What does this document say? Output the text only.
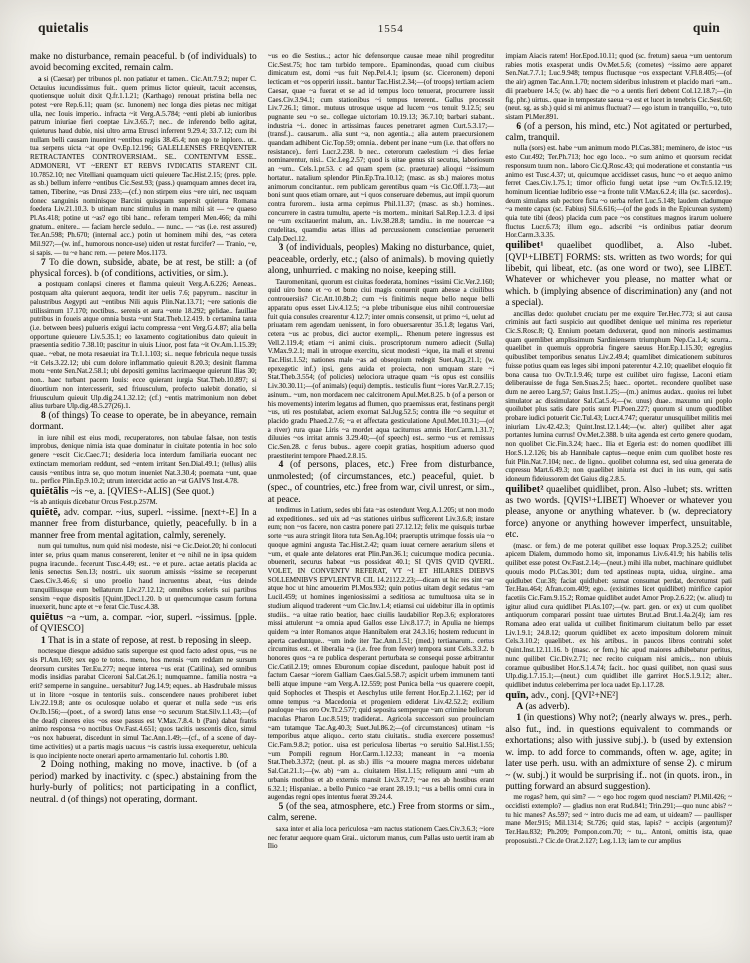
quietalis	1554	quin

make no disturbance, remain peaceful. b (of individuals) to avoid becoming excited, remain calm.

a si (Caesar) per tribunos pl. non patiatur et tamen.. Cic.Att.7.9.2; nuper C. Octauius iucundissimus fuit.. quem primus lictor quieuit, tacuit accensus, quotiensque uoluit dixit Q.fr.1.1.21; (Karthago) renouat pristina bella nec potest ~ere Rep.6.11; quam (sc. Iunonem) nec longa dies pietas nec mitigat ulla, nec Iouis imperio.. infracta ~it Verg.A.5.784; ~enti plebi ab iunioribus patrum iniuriae fieri coeptae Liv.3.65.7; nec.. de inferendo bello agitat, quieturus haud dubie, nisi ultro arma Etrusci inferrent 9.29.4; 33.7.12; cum ibi nullam belli causam inueniret ~entibus regiis 38.45.4; non ego te inploro.. ut.. tua serpens uicta ~at ope Ov.Ep.12.196; GALELLENSES FREQVENTER RETRACTANTES CONTROVERSIAM.. SE.. CONTENTVM ESSE.. ADMONERI, VT ~ERENT ET REBVS IVDICATIS STARENT CIL 10.7852.10; nec Vitelliani quamquam uicti quieuere Tac.Hist.2.15; (pres. pple. as sb.) bellum inferre ~entibus Cic.Sest.93; (pass.) quamquam amnes decet ira, tamen, Tiberine, ~as Drusi 233;—(cf.) non stirpem eius ~ere uiri, nec usquam donec sanguinis nominisque Barcini quisquam supersit quietura Romana foedera Liv.21.10.3. b utinam nunc stimulus in manu mihi sit — ~e quaeso Pl.As.418; potine ut ~as? ego tibi hanc.. referam temperi Men.466; da mihi gnatum.. enitere.. — faciam hercle sedulo.. — nunc.. — ~as (i.e. rest assured) Ter.An.598; Ph.670; (internal acc.) potin ut hominem mihi des, ~as cetera Mil.927;—(w. inf., humorous nonce-use) uiden ut restat furcifer? — Tranio, ~e, si sapis. — tu ~e hanc rem. — petere Mos.1173.

7 To die down, subside, abate, be at rest, be still: a (of physical forces). b (of conditions, activities, or sim.).

a postquam conlapsi cineres et flamma quieuit Verg.A.6.226; Aeneas.. postquam alta quierunt aequora, tendit iter uelis 7.6; papyrum.. nascitur in palustribus Aegypti aut ~entibus Nili aquis Plin.Nat.13.71; ~ere sationis die utilissimum 17.170; noctibus.. serenis et aura ~ente 18.292; gelidae.. fauillae putribus in foueis atque omnia busta ~unt Stat.Theb.12.419. b certamina tanta (i.e. between bees) pulueris exigui iactu compressa ~ent Verg.G.4.87; alia bella opportune quieuere Liv.5.35.1; eo laxamento cogitationibus dato quieuit in praesentia seditio 7.38.10; pascitur in uiuis Liuor, post fata ~it Ov.Am.1.15.39; quae.. ~ebat, ne mota resaeuiat ira Tr.1.1.103; si.. neque febricula neque tussis ~it Cels.3.22.12; ubi cum dolore inflammatio quieuit 8.20.3; desinit flamma motu ~ente Sen.Nat.2.58.1; ubi depositi gemitus lacrimaeque quierunt Ilias 30; non.. haec turbant pacem Iouis: ecce quierant iurgia Stat.Theb.10.897; si diuortium non intercesserit, sed friuusculum, profecto ualebit donatio, si friuusculum quieuit Ulp.dig.24.1.32.12; (cf.) ~entis matrimonium non debet alius turbare Ulp.dig.48.5.27(26).1.

8 (of things) To cease to operate, be in abeyance, remain dormant.

in iure nihil est eius modi, recuperatores, non tabulae falsae, non testis improbus, denique nimia ista quae dominatur in ciuitate potentia in hoc solo genere ~escit Cic.Caec.71; desideria loca interdum familiaria euocant nec extinctam memoriam reddunt, sed ~entem irritant Sen.Dial.49.1; (tellus) aliis causis ~entibus intra se, quo motum inueniet Nat.3.30.4; poemata ~unt, quae tu.. perfice Plin.Ep.9.10.2; utrum intercidat actio an ~at GAIVS Inst.4.78.

quiētālis ~is ~e, a. [QVIES+-ALIS] (See quot.)

~is ab antiquis dicebatur Orcus Fest.p.257M.

quiētē, adv. compar. ~ius, superl. ~issime. [next+-E] In a manner free from disturbance, quietly, peacefully. b in a manner free from mental agitation, calmly, serenely.

num qui tumultus, num quid nisi modeste, nisi ~e Cic.Deiot.20; hi conlocuti inter se, prius quam manus consererent, leniter et ~e nihil ne in ipsa quidem pugna iracunde.. fecerunt Tusc.4.49; est.. ~e et pure.. actae aetatis placida ac lenis senectus Sen.13; nostri.. uix suorum amissis ~issime se receperunt Caes.Civ.3.46.6; si uno proelio haud incruentus abeat, ~ius deinde tranquilliusque eum bellaturum Liv.27.12.12; omnibus sceleris sui partibus sensim ~eque dispositis [Quint.]Decl.1.20. b ut quemcumque casum fortuna inuexerit, hunc apte et ~e ferat Cic.Tusc.4.38.

quiētus ~a ~um, a. compar. ~ior, superl. ~issimus. [pple. of QVIESCO]

1 That is in a state of repose, at rest. b reposing in sleep.

noctesque diesque adsiduo satis superque est quod facto adest opus, ~us ne sis Pl.Am.169; sex ego te totos.. meno, hos mensis ~um reddam ne sursum deorsum cursites Ter.Eu.277; neque interea ~us erat (Catilina), sed omnibus modis insidias parabat Ciceroni Sal.Cat.26.1; numquamne.. familia nostra ~a erit? semperne in sanguine.. uersabitur? Jug.14.9; eques.. ab Hasdrubale missus ut in litore ~osque in tentoriis suis.. conscendere naues prohiberet iubet Liv.22.19.8; ante os oculosque uolabo et querar et nulla sede ~us eris Ov.Ib.156;—(poet., of a sword) latus ense ~o securum Stat.Silv.1.1.43;—(of the dead) cineres eius ~os esse passus est V.Max.7.8.4. b (Pan) dabat fratris animo responsa ~o noctibus Ov.Fast.4.651; quos tacitis uescentis dico, simul ~os nox habuerat, discedunt in simul Tac.Ann.1.49;—(cf., of a scene of day-time activities) ut a partis magis uacuus ~is castris iussa exequeretur, uehicula is quo incipiente nocte onerari aperto armamentario Iul. cohortis 1.80.

2 Doing nothing, making no move, inactive. b (of a period) marked by inactivity. c (spec.) abstaining from the hurly-burly of politics; not participating in a conflict, neutral. d (of things) not operating, dormant.

~us eo die Sestius..; actor hic defensorque causae meae nihil progreditur Cic.Sest.75; hoc tam turbido tempore.. Epaminondas, quoad cum ciuibus dimicatum est, domi ~us fuit Nep.Pel.4.1; ipsum (sc. Ciceronem) deponi lecticam et ~os opperiri iussit.. bantur Tac.Hist.2.34;—(of troops) tertiam aciem Caesar, quae ~a fuerat et se ad id tempus loco tenuerat, procurrere iussit Caes.Civ.3.94.1; cum stationibus ~i tempus tererent.. Gallus processit Liv.7.26.1; timor.. mutuus utrosque usque ad lucem ~os tenuit 9.12.5; seu pugnante seu ~o se.. collegae uictoriam 10.19.13; 36.7.10; barbari stabant.. industria ~i.. donec in artissimas fauces penetraret agmen Curt.5.3.17;—(transf.).. causarum.. alia sunt ~a, non agentia..; alia autem praecursionem quandam adhibent Cic.Top.59; omnia.. debent per inane ~um (i.e. that offers no resistance).. ferri Lucr.2.238. b nec.. ceterorum caelestium ~i dies feriae nominarentur, nisi.. Cic.Leg.2.57; quod is uitae genus sit secutus, laboriosum an ~um.. Cels.1.pr.53. c ad quam spem (sc. praeturae) alioqui ~issimum hortatur.. natalium splendor Plin.Ep.Tra.10.12; (masc. as sb.) maiores motus animorum concitantur.. rem publicam gerentibus quam ~is Cic.Off.1.73;—aut boni sunt quos etiam ornare, aut ~i quos conseruare debemus, aut impii quorum contra furorem.. iusta arma cepimus Phil.11.37; (masc. as sb.) homines.. concurrere in castra tumultu, aperte ~is mortem.. minitari Sal.Rep.1.2.3. d ipsi ne ~um excitauerint malum, an.. Liv.38.28.8; tamdiu.. in me nouercae ~a crudelitas, quamdiu aetas illius ad percussionem conscientiae peruenerit Calp.Decl.12.

3 (of individuals, peoples) Making no disturbance, quiet, peaceable, orderly, etc.; (also of animals). b moving quietly along, unhurried. c making no noise, keeping still.

Tauromenitani, quorum est ciuitas foederata, homines ~issimi Cic.Ver.2.160; quid uiro bono et ~o et bono ciui magis conuenit quam abesse a ciuilibus controuersiis? Cic.Att.10.8b.2; cum ~is finitimis neque bello neque belli apparatu opus esset Liv.4.12.5; ~a plebe tribunisque eius nihil controuersiae fuit quia consules crearentur 4.12.7; inter omnis consensit, ut primo ~i, uelut ad priuatam rem agendam uenissent, in foro obuersarentur 35.1.8; legatus Vari, cetera ~us ac probus, dici auctor exempli,.. Rhenum petere ingressus est Vell.2.119.4; etiam ~i animi ciuis.. proscriptorum numero adiecit (Sulla) V.Max.9.2.1; mali in utroque exercitu, sicut modesti ~ique, ita mali et strenui Tac.Hist.1.52; nationes male ~as ad obsequium redegit Suet.Aug.21.1; (w. epexegetic inf.) ipsi, gens auida et proiecta, non umquam stare ~i Stat.Theb.3.554; (of policies) uelociora utraque quam ~is opus est consiliis Liv.30.30.11;—(of animals) (equi) demptis.. testiculis fiunt ~iores Var.R.2.7.15; asinum.. ~um, non mordacem nec calcitronem Apul.Met.8.25. b (of a person or his movements) interim legatus ad flumen, quo praemissus erat, festinans pergit ~us, uti res postulabat, aciem exornat Sal.Jug.52.5; contra ille ~o sequitur et placido gradu Phaed.2.7.6; ~a et affectata gesticulatione Apul.Met.10.31;—(of a river) rura quae Liris ~a mordet aqua taciturnus amnis Hor.Carm.1.31.7; diluuies ~os irritat amnis 3.29.40;—(of speech) est.. sermo ~us et remissus Cic.Sen.28. c ferus bubus.. agere coepit gratias, hospitium aduerso quod praestiterint tempore Phaed.2.8.15.

4 (of persons, places, etc.) Free from disturbance, unmolested; (of circumstances, etc.) peaceful, quiet. b (spec., of countries, etc.) free from war, civil unrest, or sim., at peace.

tendimus in Latium, sedes ubi fata ~as ostendunt Verg.A.1.205; ut non modo ad expeditiones.. sed uix ad ~as stationes uiribus sufficerent Liv.3.6.8; instare eum; non ~os facere, non castra ponere pati 27.12.12; felix me quisquis turbae sorte ~us aura stringit litora tuta Sen.Ag.104; praeruptis utrimque fossis uia ~o quoque agmini angusta Tac.Hist.2.42; quam iuuat cernere aerarium silens et ~um, et quale ante delatores erat Plin.Pan.36.1; cuicumque modica pecunia.. obuenerit, securus habeat ~us possideat 40.1; SI QVIS QVID QVERI.. VOLET, IN CONVENTV REFERAT, VT ~I ET HILARES DIEBVS SOLLEMNIBVS EPVLENTVR CIL 14.2112.2.23;—dicam ut hic res sint ~ae atque hoc ut hinc amouerim Pl.Mos.932; quin potius uitam degit sedatus ~am Lucil.459; ut homines ingeniosissimi a seditiosa ac tumultuosa uita se in studium aliquod traderent ~um Cic.Inv.1.4; etiamsi cui uidebitur illa in optimis studiis.. ~a uitae ratio beatior, haec ciuilis laudabilior Rep.3.6; exploratores missi attulerunt ~a omnia apud Gallos esse Liv.8.17.7; in Apulia ne hiemps quidem ~a inter Romanos atque Hannibalem erat 24.3.16; hostem reducunt in aperta caeduntque.. ~um inde iter Tac.Ann.1.51; (med.) tertianarum.. certus circumitus est.. et liberalia ~a (i.e. free from fever) tempora sunt Cels.3.3.2. b honores quos ~a re publica desperant perturbata se consequi posse arbitrantur Cic.Catil.2.19; omnes Eburonum copiae discedunt, pauloque habuit post id factum Caesar ~iorem Galliam Caes.Gal.5.58.7; aspicit urbem immunem tanti belli atque impune ~am Verg.A.12.559; post Punica bella ~us quaerere coepit, quid Sophocles et Thespis et Aeschylus utile ferrent Hor.Ep.2.1.162; per id omne tempus ~a Macedonia et progeniem ediderat Liv.42.52.2; exilium pauloque ~ius oro Ov.Tr.2.577; quid seposita semperque ~am crimine bellorum maculas Pharon Luc.8.519; tradiderat.. Agricola successori suo prouinciam ~am tutamque Tac.Ag.40.3; Suet.Jul.86.2;—(of circumstances) utinam ~is temporibus atque aliquo.. certo statu ciuitatis.. studia exercere possemus! Cic.Fam.9.8.2; potior.. uisa est periculosa libertas ~o seruitio Sal.Hist.1.55; ~um Pompili regnum Hor.Carm.1.12.33; maneant in ~a moenia Stat.Theb.3.372; (neut. pl. as sb.) illis ~a mouere magna merces uidebatur Sal.Cat.21.1;—(w. ab) ~am a.. ciuitatem Hist.1.15; reliquum anni ~um ab urbanis motibus et ab externis mansit Liv.3.72.7; ~ae res ab hostibus erant 6.32.1; Hispaniae.. a bello Punico ~ae erant 28.19.1; ~us a bellis omni cura in augendas regni opes intentus fuerat 39.24.4.

5 (of the sea, atmosphere, etc.) Free from storms or sim., calm, serene.

saxa inter et alia loca periculosa ~am nactus stationem Caes.Civ.3.6.3; ~iore nec feratur aequore quam Grai.. uictorum manus, cum Pallas usto uertit iram ab Ilio

impiam Aiacis ratem! Hor.Epod.10.11; quod (sc. fretum) saeua ~um uentorum rabies motis exasperat undis Ov.Met.5.6; (cometes) ~issimo aere apparet Sen.Nat.7.7.1; Luc.9.948; tempus fluctusque ~os exspectant V.Fl.8.405;—(of the air) agmen Tac.Ann.1.70; noctem sideribus inlustrem et placido mari ~am.. dii praebuere 14.5; (w. ab) haec die ~o a uentis fieri debent Col.12.18.7;—(in fig. phr.) uirtus.. quae in tempestate saeua ~a est et lucet in tenebris Cic.Sest.60; (neut. sg. as sb.) quid si mi animus fluctuat? — ego istum in tranquillo, ~o, tuto sistam Pl.Mer.891.

6 (of a person, his mind, etc.) Not agitated or perturbed, calm, tranquil.

nulla (sors) est. habe ~um animum modo Pl.Cas.381; meminero, de istoc ~us esto Cur.492; Ter.Ph.713; hoc ego loco.. ~o sum animo et quorsum recidat responsum tuum non.. laboro Cic.Q.Rosc.43; qui moderatione et constantia ~us animo est Tusc.4.37; ut, quicumque accidisset casus, hunc ~o et aequo animo ferret Caes.Civ.1.75.1; timor officio fungi uetat ipse ~um Ov.Tr.5.12.19; hominum licentiae ludibrio esse ~a fronte tulit V.Max.6.2.4; illa (sc. sacerdos).. deum simulans sub pectore ficta ~o uerba refert Luc.5.148; laudem cladumque ~a mente capax (sc. Fabius) Sil.6.616;—(of the gods in the Epicurean system) quia tute tibi (deos) placida cum pace ~os constitues magnos irarum uoluere fluctus Lucr.6.73; illum ego.. adscribi ~is ordinibus patiar deorum Hor.Carm.3.3.35.

quilibet¹ quaelibet quodlibet, a. Also -lubet. [QVI¹+LIBET] FORMS: sts. written as two words; for qui libebit, qui libeat, etc. (as one word or two), see LIBET. Whatever or whichever you please, no matter what or which. b (implying absence of discrimination) any (and not a special).

ancillas dedo: quolubet cruciatu per me exquire Ter.Hec.773; si aut causa criminis aut facti suspicio aut quodlibet denique uel minima res reperietur Cic.S.Rosc.8; Q. Ennium poetam deduxerat, quod non minoris aestimamus quam quemlibet amplissimum Sardiniensem triumphum Nep.Ca.1.4; scurra.. quaelibet in quemuis opprobria fingere saeuus Hor.Ep.1.15.30; egregius quibuslibet temporibus senatus Liv.2.49.4; quamlibet dimicationem subituros fuisse potius quam eas leges sibi imponi paterentur 4.2.10; quaelibet eloquio fit bona causa tuo Ov.Tr.1.9.46; turpe est cuilibet uiro fugisse, Laconi etiam deliberauisse de fuga Sen.Suas.2.5; haec.. oportet.. recondere quolibet uase dum ne aereo Larg.57; Gaius Inst.1.25;—(m.) animus audax.. quoius rei lubet simulator ac dissimulator Sal.Cat.5.4;—(w. unus) duae.. maxumo uni poplo quoilubet plus satis dare potis sunt Pl.Poen.227; quorum si unum quodlibet probare iudici potuerit Cic.Tul.43; Lucr.4.747; queratur unusquilibet militis mei iniuriam Liv.42.42.3; Quint.Inst.12.1.44;—(w. alter) quilibet alter agat portantes lumina currus! Ov.Met.2.388. b uita agenda est certo genere quodam, non quolibet Cic.Fin.3.24; haec.. Ilia et Egeria est: do nomen quodlibet illi Hor.S.1.2.126; bis ab Hannibale captus—neque enim cum quolibet hoste res fuit Plin.Nat.7.104; nec.. de ligno.. quolibet columna est, sed uiua generata de cupressu Mart.6.49.3; non quaelibet iniuria est duci in ius eum, qui satis idoneum fideiussorem det Gaius dig.2.8.5.

quilibet² quaelibet quidlibet, pron. Also -lubet; sts. written as two words. [QVIS¹+LIBET] Whoever or whatever you please, anyone or anything whatever. b (w. depreciatory force) anyone or anything however imperfect, unsuitable, etc.

(masc. or fem.) de me poterat quilibet esse loquax Prop.3.25.2; cuilibet apicem Dialem, dummodo homo sit, imponamus Liv.6.41.9; his habilis telis quilibet esse potest Ov.Fast.2.14;—(neut.) mihi illa nubet, machinare quidlubet quouis modo Pl.Cas.301; dum ted apstineas nupta, uidua, uirgine.. ama quidlubet Cur.38; faciat quidlubet: sumat consumat perdat, decretumst pati Ter.Hau.464; Afran.com.409; ego.. (existimes licet quidlibet) mirifice capior facetiis Cic.Fam.9.15.2; Romae quidlibet audet Amor Prop.2.6.22; (w. aliud) tu igitur aliud cura quidlibet Pl.As.107;—(w. part. gen. or ex) ut cum quolibet antiquorum comparari possint tuae uirtutes Brut.ad Brut.1.4a.2(4); iam res Romana adeo erat ualida ut cuilibet finitimarum ciuitatum bello par esset Liv.1.9.1; 24.8.12; quorum quidlibet ex aceto impositum dolorem minuit Cels.3.10.2; quaelibet.. ex his artibus.. in paucos libros contrahi solet Quint.Inst.12.11.16. b (masc. or fem.) hic apud maiores adhibebatur peritus, nunc quilibet Cic.Div.2.71; nec recito cuiquam nisi amicis,.. non ubiuis coramue quibuslibet Hor.S.1.4.74; facit.. hoc quasi quilibet, non quasi suus Ulp.dig.1.7.15.1;—(neut.) cum quidlibet ille garriret Hor.S.1.9.12; alter.. quidlibet indutus celeberrima per loca uadet Ep.1.17.28.

quīn, adv., conj. [QVI²+NE²]

A (as adverb).

1 (in questions) Why not?; (nearly always w. pres., perh. also fut., ind. in questions equivalent to commands or exhortations; also with jussive subj.). b (used by extension w. imp. to add force to commands, often w. age, agite; in later use perh. usu. with an admixture of sense 2). c mirum ~ (w. subj.) it would be surprising if.. not (in quots. iron., in putting forward an absurd suggestion).

me rogas? hem, qui sim? — ~ ego hoc rogem quod nesciam? Pl.Mil.426; ~ occidisti extemplo? — gladius non erat Rud.841; Trin.291;—quo nunc abis? ~ tu hic manes? As.597; sed ~ intro ducis me ad eam, ut uideam? — paullisper mane Mer.915; Mil.1314; St.726; quid stas, lapis? ~ accipis (argentum)? Ter.Hau.832; Ph.209; Pompon.com.70; ~ tu,.. Antoni, omittis ista, quae proposuisti..? Cic.de Orat.2.127; Leg.1.13; iam te cur amplius
